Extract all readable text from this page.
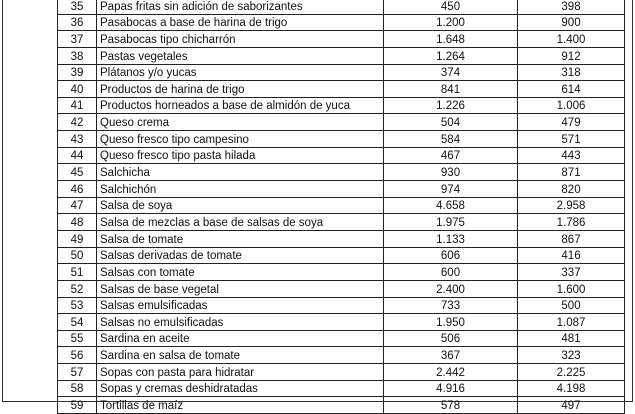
35	Papas fritas sin adición de saborizantes	450	398
36	Pasabocas a base de harina de trigo	1.200	900
37	Pasabocas tipo chicharrón	1.648	1.400
38	Pastas vegetales	1.264	912
39	Plátanos y/o yucas	374	318
40	Productos de harina de trigo	841	614
41	Productos horneados a base de almidón de yuca	1.226	1.006
42	Queso crema	504	479
43	Queso fresco tipo campesino	584	571
44	Queso fresco tipo pasta hilada	467	443
45	Salchicha	930	871
46	Salchichón	974	820
47	Salsa de soya	4.658	2.958
48	Salsa de mezclas a base de salsas de soya	1.975	1.786
49	Salsa de tomate	1.133	867
50	Salsas derivadas de tomate	606	416
51	Salsas con tomate	600	337
52	Salsas de base vegetal	2.400	1.600
53	Salsas emulsificadas	733	500
54	Salsas no emulsificadas	1.950	1.087
55	Sardina en aceite	506	481
56	Sardina en salsa de tomate	367	323
57	Sopas con pasta para hidratar	2.442	2.225
58	Sopas y cremas deshidratadas	4.916	4.198
59	Tortillas de maíz	578	497
